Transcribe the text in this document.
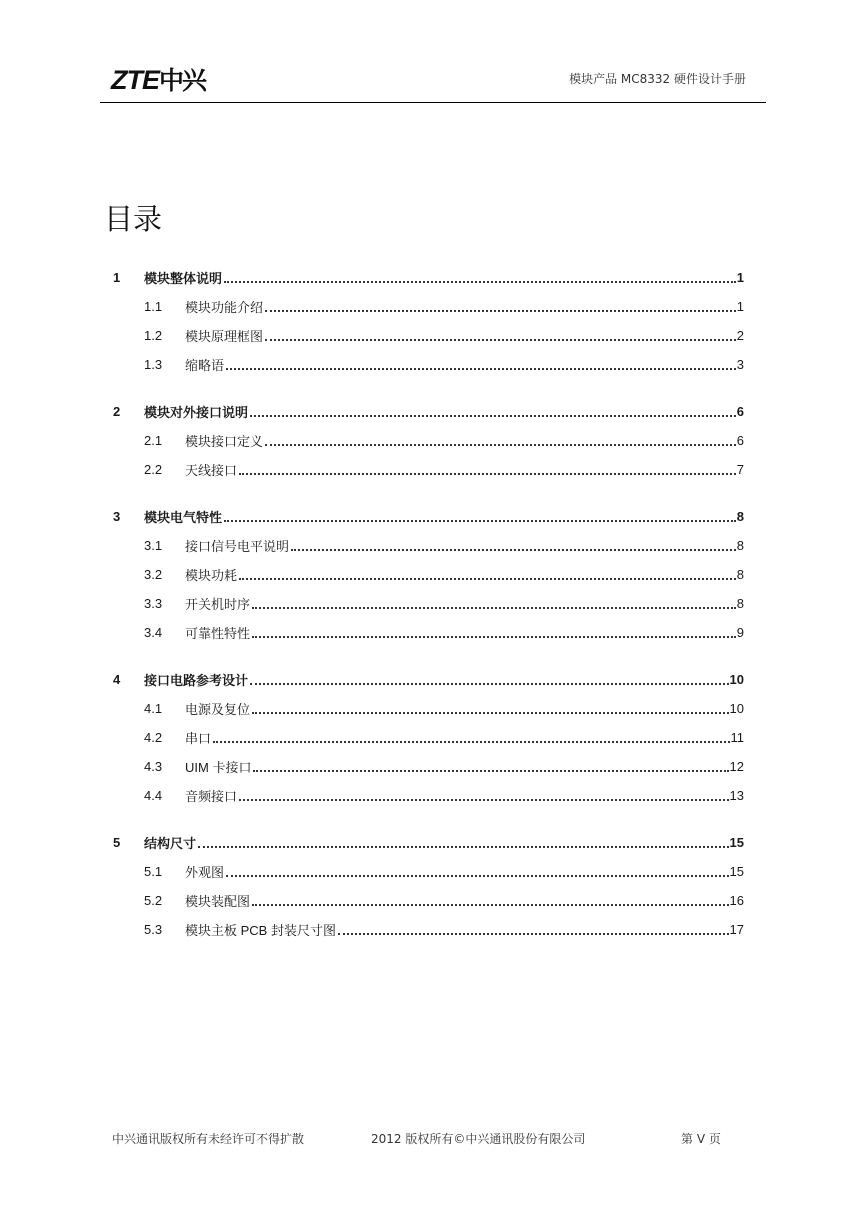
ZTE中兴	模块产品 MC8332 硬件设计手册
目录
1	模块整体说明	1
1.1	模块功能介绍	1
1.2	模块原理框图	2
1.3	缩略语	3
2	模块对外接口说明	6
2.1	模块接口定义	6
2.2	天线接口	7
3	模块电气特性	8
3.1	接口信号电平说明	8
3.2	模块功耗	8
3.3	开关机时序	8
3.4	可靠性特性	9
4	接口电路参考设计	10
4.1	电源及复位	10
4.2	串口	11
4.3	UIM 卡接口	12
4.4	音频接口	13
5	结构尺寸	15
5.1	外观图	15
5.2	模块装配图	16
5.3	模块主板 PCB 封装尺寸图	17
中兴通讯版权所有未经许可不得扩散	2012 版权所有©中兴通讯股份有限公司	第 V 页
